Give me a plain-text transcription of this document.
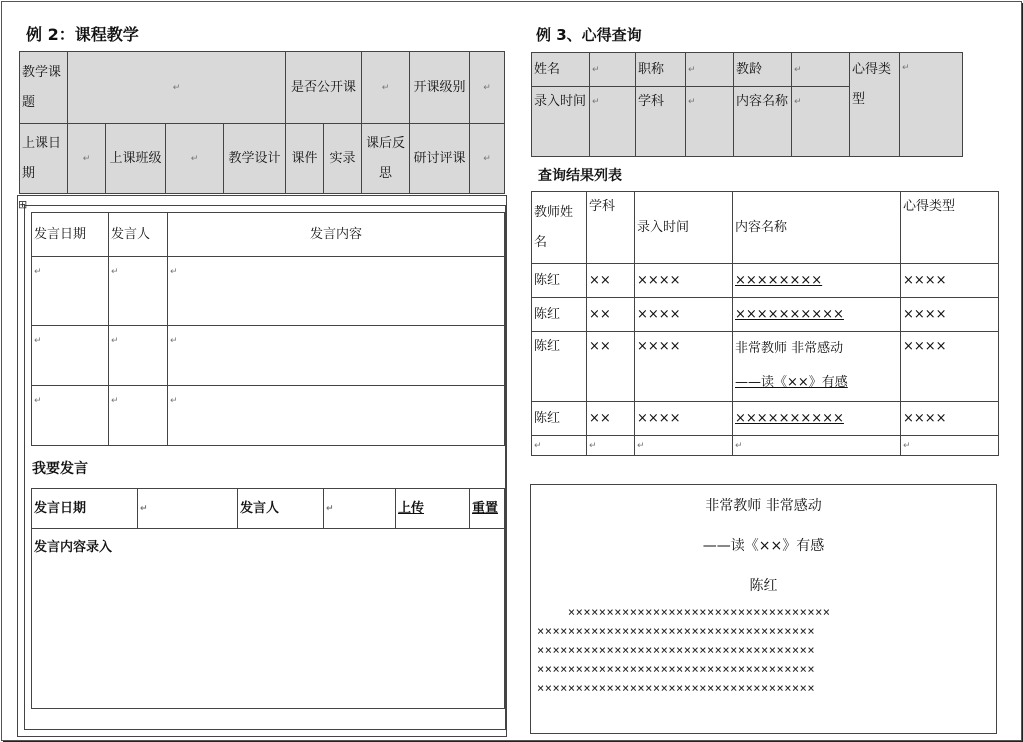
例 2：课程教学
教学课题	↵				是否公开课		↵	开课级别	↵
上课日期	↵	上课班级	↵	教学设计	课件	实录	课后反思	研讨评课	↵
⊞
发言日期	发言人	发言内容
↵	↵	↵
↵	↵	↵
↵	↵	↵
我要发言
发言日期	↵	发言人	↵	上传	重置
发言内容录入
例 3、心得查询
姓名	↵	职称	↵	教龄	↵	心得类型	↵
录入时间	↵	学科	↵	内容名称	↵
查询结果列表
教师姓名	学科	录入时间	内容名称	心得类型
陈红	××	××××	××××××××	××××
陈红	××	××××	××××××××××	××××
陈红	××	××××	非常教师 非常感动
——读《××》有感	××××
陈红	××	××××	××××××××××	××××
↵	↵	↵	↵	↵
非常教师 非常感动
——读《××》有感
陈红
××××××××××××××××××××××××××××××××××
××××××××××××××××××××××××××××××××××××
××××××××××××××××××××××××××××××××××××
××××××××××××××××××××××××××××××××××××
××××××××××××××××××××××××××××××××××××
